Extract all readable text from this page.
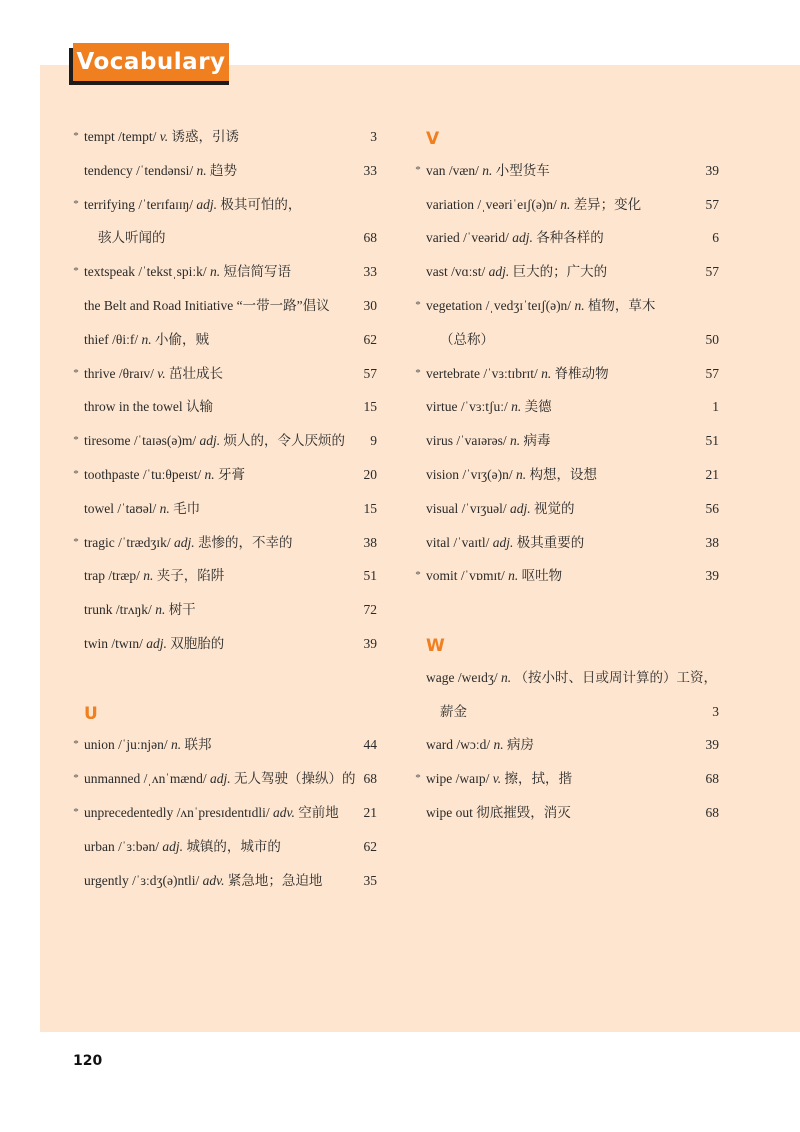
Vocabulary
* tempt /tempt/ v. 诱惑，引诱	3
tendency /ˈtendənsi/ n. 趋势	33
* terrifying /ˈterɪfaɪɪŋ/ adj. 极其可怕的，
骇人听闻的	68
* textspeak /ˈtekstˌspiːk/ n. 短信简写语	33
the Belt and Road Initiative “一带一路”倡议	30
thief /θiːf/ n. 小偷，贼	62
* thrive /θraɪv/ v. 茁壮成长	57
throw in the towel 认输	15
* tiresome /ˈtaɪəs(ə)m/ adj. 烦人的，令人厌烦的	9
* toothpaste /ˈtuːθpeɪst/ n. 牙膏	20
towel /ˈtaʊəl/ n. 毛巾	15
* tragic /ˈtrædʒɪk/ adj. 悲惨的，不幸的	38
trap /træp/ n. 夹子，陷阱	51
trunk /trʌŋk/ n. 树干	72
twin /twɪn/ adj. 双胞胎的	39
U
* union /ˈjuːnjən/ n. 联邦	44
* unmanned /ˌʌnˈmænd/ adj. 无人驾驶（操纵）的 68
* unprecedentedly /ʌnˈpresɪdentɪdli/ adv. 空前地	21
urban /ˈɜːbən/ adj. 城镇的，城市的	62
urgently /ˈɜːdʒ(ə)ntli/ adv. 紧急地；急迫地	35
V
* van /væn/ n. 小型货车	39
variation /ˌveəriˈeɪʃ(ə)n/ n. 差异；变化	57
varied /ˈveərid/ adj. 各种各样的	6
vast /vɑːst/ adj. 巨大的；广大的	57
* vegetation /ˌvedʒɪˈteɪʃ(ə)n/ n. 植物，草木
（总称）	50
* vertebrate /ˈvɜːtɪbrɪt/ n. 脊椎动物	57
virtue /ˈvɜːtʃuː/ n. 美德	1
virus /ˈvaɪərəs/ n. 病毒	51
vision /ˈvɪʒ(ə)n/ n. 构想，设想	21
visual /ˈvɪʒuəl/ adj. 视觉的	56
vital /ˈvaɪtl/ adj. 极其重要的	38
* vomit /ˈvɒmɪt/ n. 呕吐物	39
W
wage /weɪdʒ/ n. （按小时、日或周计算的）工资，
薪金	3
ward /wɔːd/ n. 病房	39
* wipe /waɪp/ v. 擦，拭，揩	68
wipe out 彻底摧毁，消灭	68
120
